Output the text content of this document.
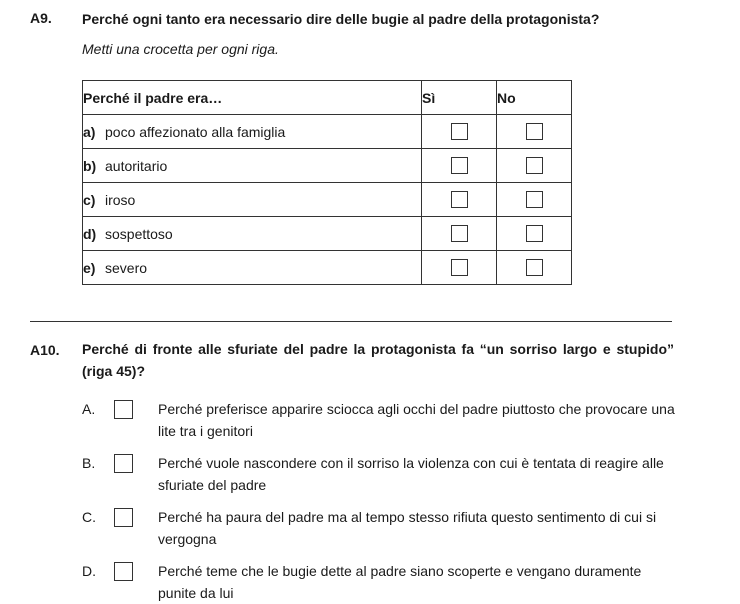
A9. Perché ogni tanto era necessario dire delle bugie al padre della protagonista?
Metti una crocetta per ogni riga.
Perché il padre era…	Sì	No
a) poco affezionato alla famiglia		
b) autoritario		
c) iroso		
d) sospettoso		
e) severo		
A10. Perché di fronte alle sfuriate del padre la protagonista fa “un sorriso largo e stupido” (riga 45)?
A.	Perché preferisce apparire sciocca agli occhi del padre piuttosto che provocare una lite tra i genitori
B.	Perché vuole nascondere con il sorriso la violenza con cui è tentata di reagire alle sfuriate del padre
C.	Perché ha paura del padre ma al tempo stesso rifiuta questo sentimento di cui si vergogna
D.	Perché teme che le bugie dette al padre siano scoperte e vengano duramente punite da lui
